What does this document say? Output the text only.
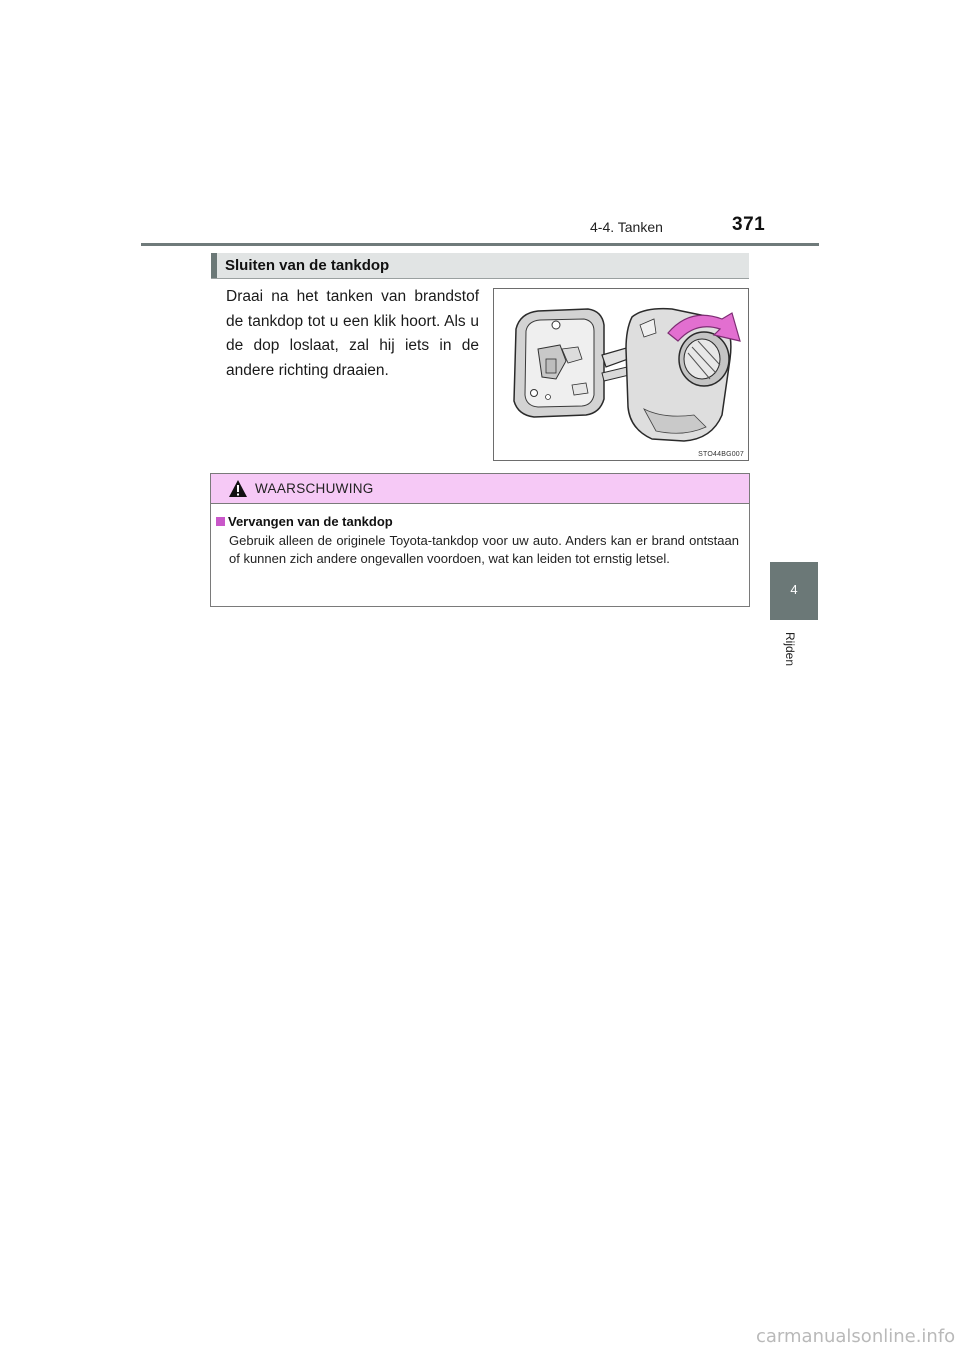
4-4. Tanken	371
4
Rijden
Sluiten van de tankdop
Draai na het tanken van brandstof de tankdop tot u een klik hoort. Als u de dop loslaat, zal hij iets in de andere richting draaien.
STO44BG007
WAARSCHUWING
Vervangen van de tankdop
Gebruik alleen de originele Toyota-tankdop voor uw auto. Anders kan er brand ontstaan of kunnen zich andere ongevallen voordoen, wat kan leiden tot ernstig letsel.
carmanualsonline.info
